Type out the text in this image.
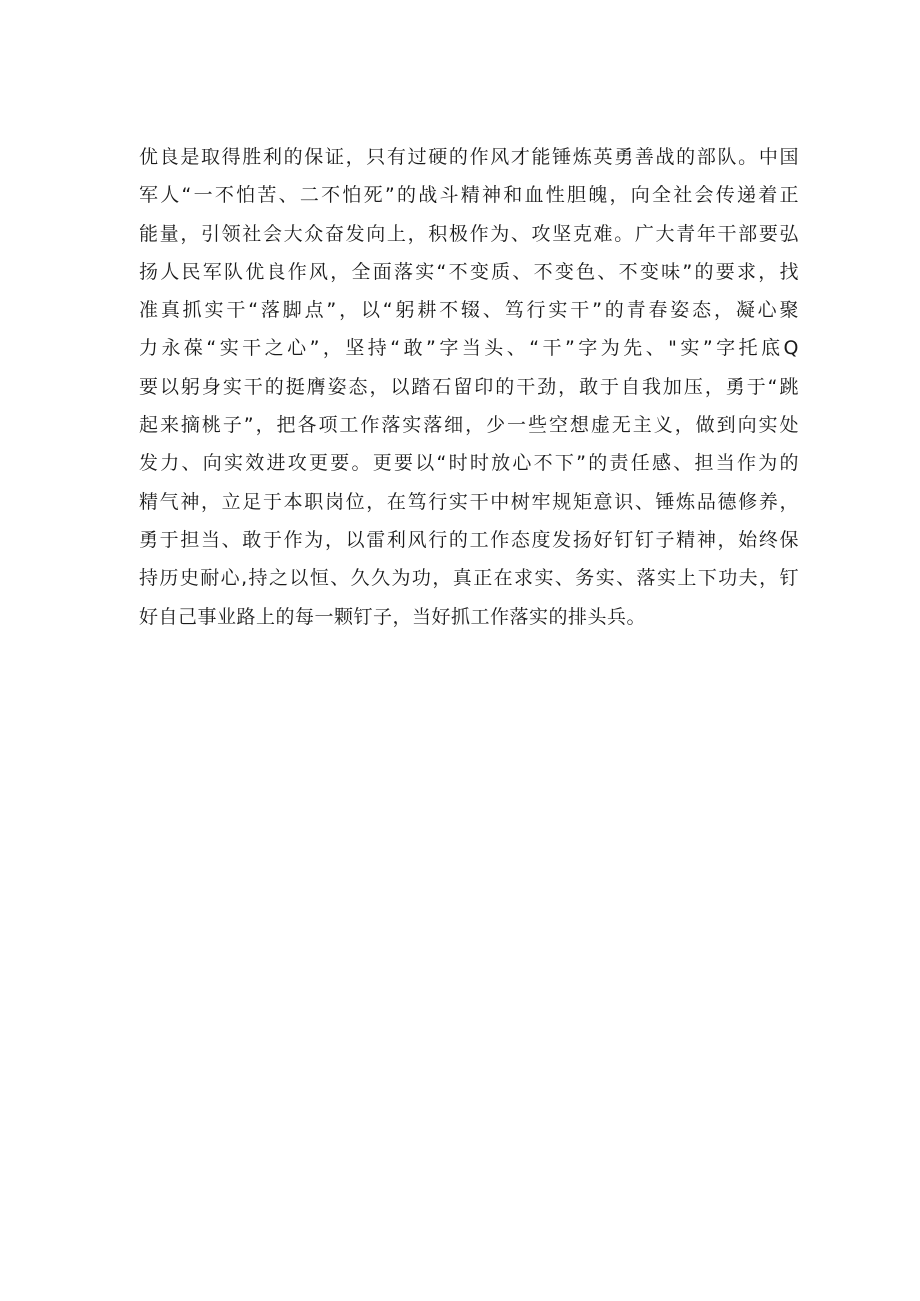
优良是取得胜利的保证，只有过硬的作风才能锤炼英勇善战的部队。中国
军人“一不怕苦、二不怕死”的战斗精神和血性胆魄，向全社会传递着正
能量，引领社会大众奋发向上，积极作为、攻坚克难。广大青年干部要弘
扬人民军队优良作风，全面落实“不变质、不变色、不变味”的要求，找
准真抓实干“落脚点”，以“躬耕不辍、笃行实干”的青春姿态，凝心聚
力永葆“实干之心”，坚持“敢”字当头、“干”字为先、"实”字托底Q
要以躬身实干的挺膺姿态，以踏石留印的干劲，敢于自我加压，勇于“跳
起来摘桃子”，把各项工作落实落细，少一些空想虚无主义，做到向实处
发力、向实效进攻更要。更要以“时时放心不下”的责任感、担当作为的
精气神，立足于本职岗位，在笃行实干中树牢规矩意识、锤炼品德修养，
勇于担当、敢于作为，以雷利风行的工作态度发扬好钉钉子精神，始终保
持历史耐心,持之以恒、久久为功，真正在求实、务实、落实上下功夫，钉
好自己事业路上的每一颗钉子，当好抓工作落实的排头兵。
